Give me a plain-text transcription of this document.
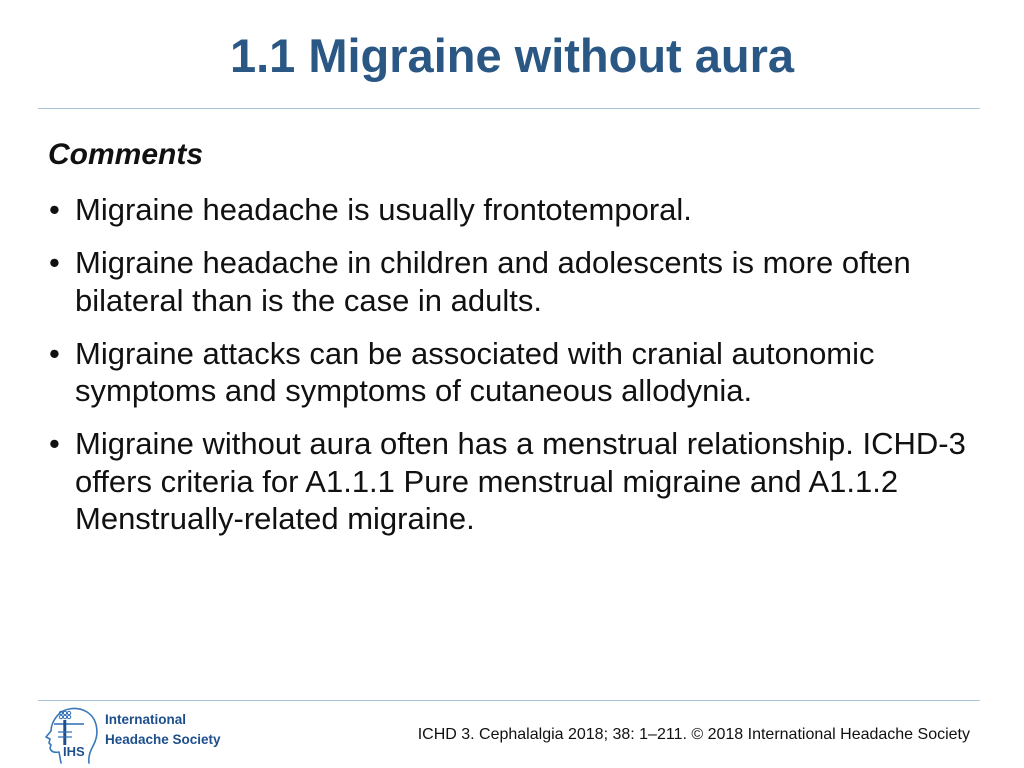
1.1 Migraine without aura
Comments
• Migraine headache is usually frontotemporal.
• Migraine headache in children and adolescents is more often bilateral than is the case in adults.
• Migraine attacks can be associated with cranial autonomic symptoms and symptoms of cutaneous allodynia.
• Migraine without aura often has a menstrual relationship. ICHD-3 offers criteria for A1.1.1 Pure menstrual migraine and A1.1.2 Menstrually-related migraine.
IHS
International
Headache Society	ICHD 3. Cephalalgia 2018; 38: 1–211. © 2018 International Headache Society
